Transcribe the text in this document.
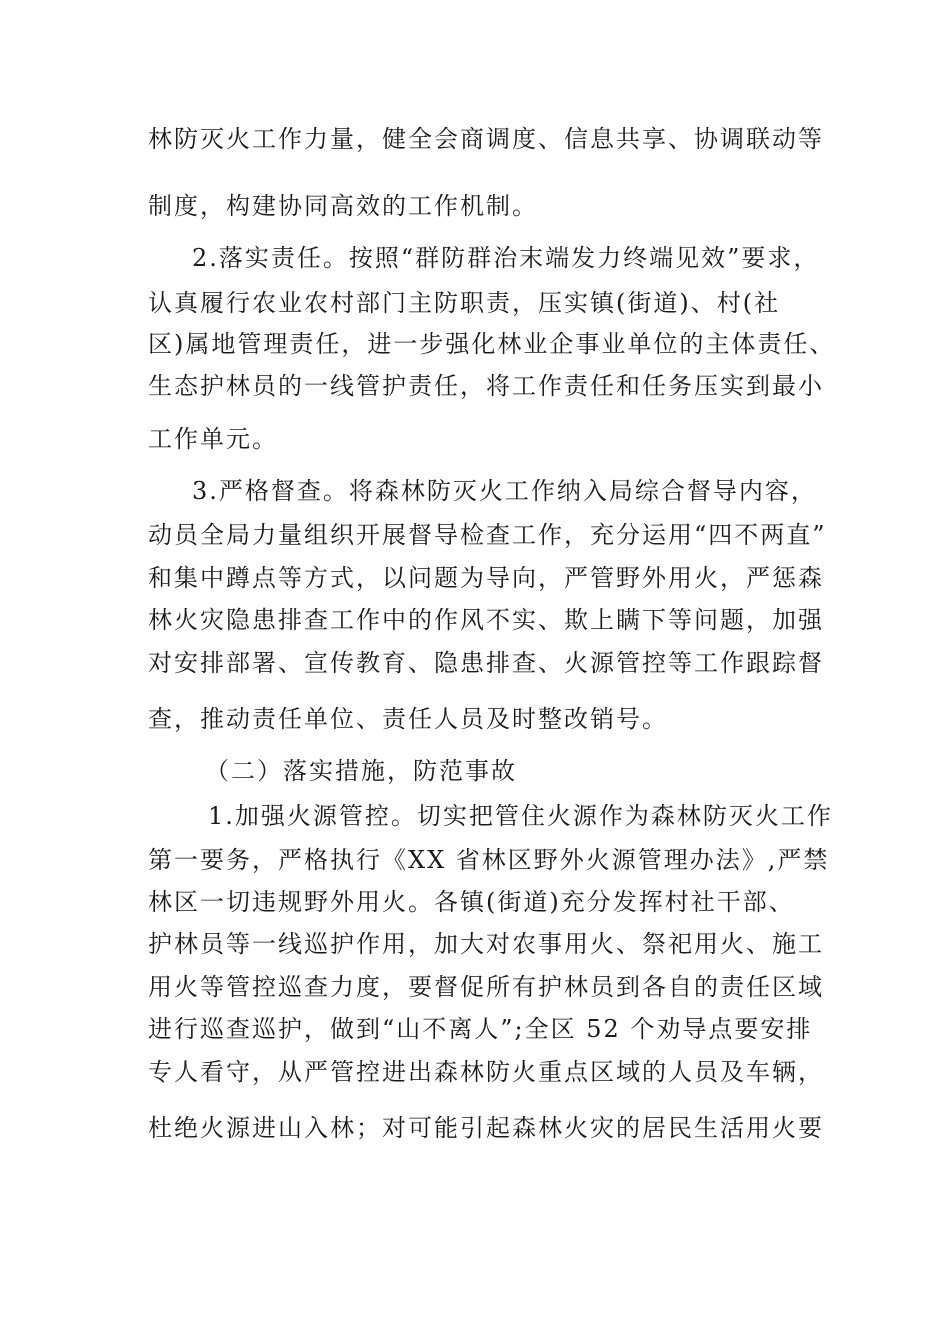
林防灭火工作力量，健全会商调度、信息共享、协调联动等
制度，构建协同高效的工作机制。
2.落实责任。按照“群防群治末端发力终端见效”要求，
认真履行农业农村部门主防职责，压实镇(街道)、村(社
区)属地管理责任，进一步强化林业企事业单位的主体责任、
生态护林员的一线管护责任，将工作责任和任务压实到最小
工作单元。
3.严格督查。将森林防灭火工作纳入局综合督导内容，
动员全局力量组织开展督导检查工作，充分运用“四不两直”
和集中蹲点等方式，以问题为导向，严管野外用火，严惩森
林火灾隐患排查工作中的作风不实、欺上瞒下等问题，加强
对安排部署、宣传教育、隐患排查、火源管控等工作跟踪督
查，推动责任单位、责任人员及时整改销号。
（二）落实措施，防范事故
1.加强火源管控。切实把管住火源作为森林防灭火工作
第一要务，严格执行《XX 省林区野外火源管理办法》,严禁
林区一切违规野外用火。各镇(街道)充分发挥村社干部、
护林员等一线巡护作用，加大对农事用火、祭祀用火、施工
用火等管控巡查力度，要督促所有护林员到各自的责任区域
进行巡查巡护，做到“山不离人”;全区 52 个劝导点要安排
专人看守，从严管控进出森林防火重点区域的人员及车辆，
杜绝火源进山入林；对可能引起森林火灾的居民生活用火要
